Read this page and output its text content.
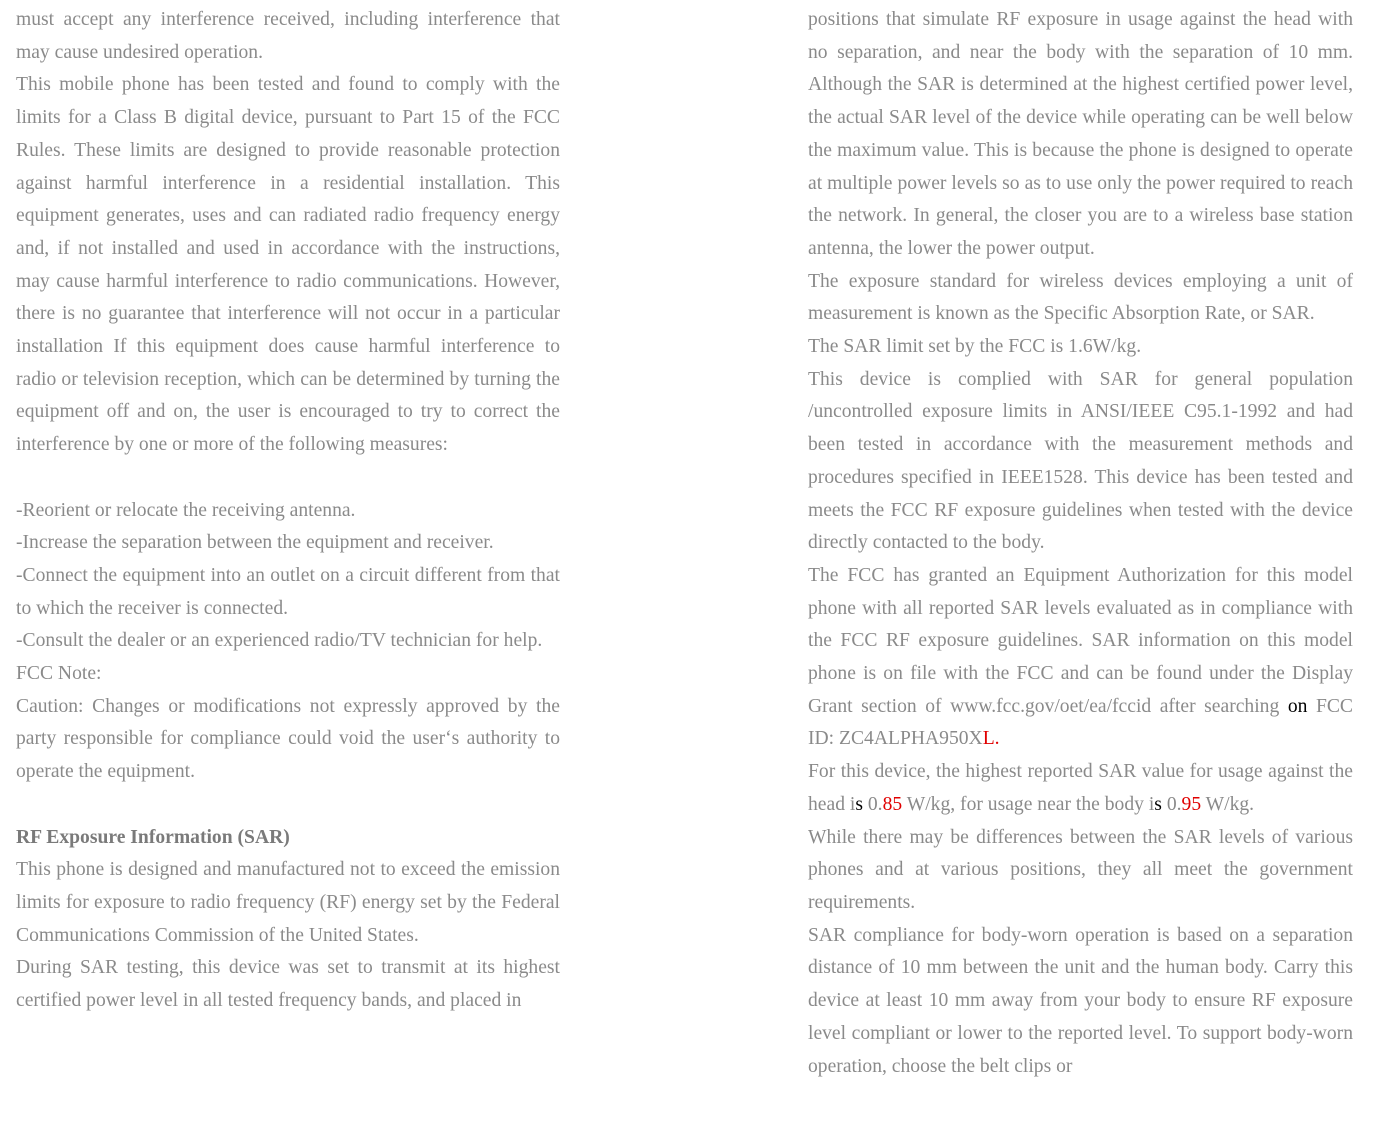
must accept any interference received, including interference that may cause undesired operation.

This mobile phone has been tested and found to comply with the limits for a Class B digital device, pursuant to Part 15 of the FCC Rules. These limits are designed to provide reasonable protection against harmful interference in a residential installation. This equipment generates, uses and can radiated radio frequency energy and, if not installed and used in accordance with the instructions, may cause harmful interference to radio communications. However, there is no guarantee that interference will not occur in a particular installation If this equipment does cause harmful interference to radio or television reception, which can be determined by turning the equipment off and on, the user is encouraged to try to correct the interference by one or more of the following measures:

-Reorient or relocate the receiving antenna.

-Increase the separation between the equipment and receiver.

-Connect the equipment into an outlet on a circuit different from that to which the receiver is connected.

-Consult the dealer or an experienced radio/TV technician for help.

FCC Note:

Caution: Changes or modifications not expressly approved by the party responsible for compliance could void the user‘s authority to operate the equipment.

RF Exposure Information (SAR)

This phone is designed and manufactured not to exceed the emission limits for exposure to radio frequency (RF) energy set by the Federal Communications Commission of the United States.

During SAR testing, this device was set to transmit at its highest certified power level in all tested frequency bands, and placed in

positions that simulate RF exposure in usage against the head with no separation, and near the body with the separation of 10 mm. Although the SAR is determined at the highest certified power level, the actual SAR level of the device while operating can be well below the maximum value. This is because the phone is designed to operate at multiple power levels so as to use only the power required to reach the network. In general, the closer you are to a wireless base station antenna, the lower the power output.

The exposure standard for wireless devices employing a unit of measurement is known as the Specific Absorption Rate, or SAR.

The SAR limit set by the FCC is 1.6W/kg.

This device is complied with SAR for general population /uncontrolled exposure limits in ANSI/IEEE C95.1-1992 and had been tested in accordance with the measurement methods and procedures specified in IEEE1528. This device has been tested and meets the FCC RF exposure guidelines when tested with the device directly contacted to the body.

The FCC has granted an Equipment Authorization for this model phone with all reported SAR levels evaluated as in compliance with the FCC RF exposure guidelines. SAR information on this model phone is on file with the FCC and can be found under the Display Grant section of www.fcc.gov/oet/ea/fccid after searching on FCC ID: ZC4ALPHA950XL.

For this device, the highest reported SAR value for usage against the head is 0.85 W/kg, for usage near the body is 0.95 W/kg.

While there may be differences between the SAR levels of various phones and at various positions, they all meet the government requirements.

SAR compliance for body-worn operation is based on a separation distance of 10 mm between the unit and the human body. Carry this device at least 10 mm away from your body to ensure RF exposure level compliant or lower to the reported level. To support body-worn operation, choose the belt clips or
